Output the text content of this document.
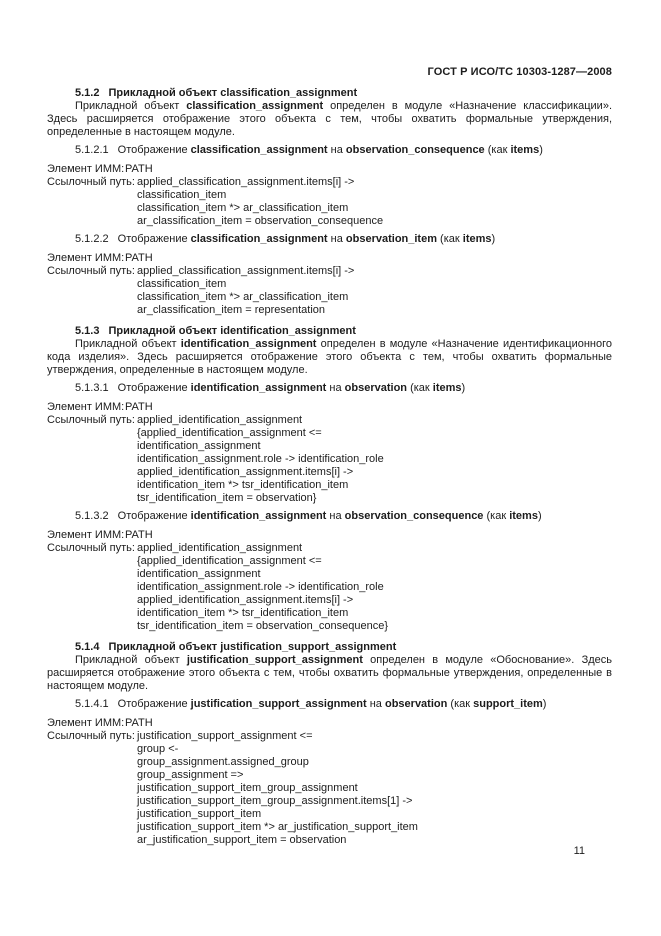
ГОСТ Р ИСО/ТС 10303-1287—2008
5.1.2 Прикладной объект classification_assignment

Прикладной объект classification_assignment определен в модуле «Назначение классификации». Здесь расширяется отображение этого объекта с тем, чтобы охватить формальные утверждения, определенные в настоящем модуле.

5.1.2.1 Отображение classification_assignment на observation_consequence (как items)
Элемент ИММ: PATH
Ссылочный путь: applied_classification_assignment.items[i] ->
classification_item
classification_item *> ar_classification_item
ar_classification_item = observation_consequence
5.1.2.2 Отображение classification_assignment на observation_item (как items)
Элемент ИММ: PATH
Ссылочный путь: applied_classification_assignment.items[i] ->
classification_item
classification_item *> ar_classification_item
ar_classification_item = representation
5.1.3 Прикладной объект identification_assignment

Прикладной объект identification_assignment определен в модуле «Назначение идентификационного кода изделия». Здесь расширяется отображение этого объекта с тем, чтобы охватить формальные утверждения, определенные в настоящем модуле.

5.1.3.1 Отображение identification_assignment на observation (как items)
Элемент ИММ: PATH
Ссылочный путь: applied_identification_assignment
{applied_identification_assignment <=
identification_assignment
identification_assignment.role -> identification_role
applied_identification_assignment.items[i] ->
identification_item *> tsr_identification_item
tsr_identification_item = observation}
5.1.3.2 Отображение identification_assignment на observation_consequence (как items)
Элемент ИММ: PATH
Ссылочный путь: applied_identification_assignment
{applied_identification_assignment <=
identification_assignment
identification_assignment.role -> identification_role
applied_identification_assignment.items[i] ->
identification_item *> tsr_identification_item
tsr_identification_item = observation_consequence}
5.1.4 Прикладной объект justification_support_assignment

Прикладной объект justification_support_assignment определен в модуле «Обоснование». Здесь расширяется отображение этого объекта с тем, чтобы охватить формальные утверждения, определенные в настоящем модуле.

5.1.4.1 Отображение justification_support_assignment на observation (как support_item)
Элемент ИММ: PATH
Ссылочный путь: justification_support_assignment <=
group <-
group_assignment.assigned_group
group_assignment =>
justification_support_item_group_assignment
justification_support_item_group_assignment.items[1] ->
justification_support_item
justification_support_item *> ar_justification_support_item
ar_justification_support_item = observation
11
